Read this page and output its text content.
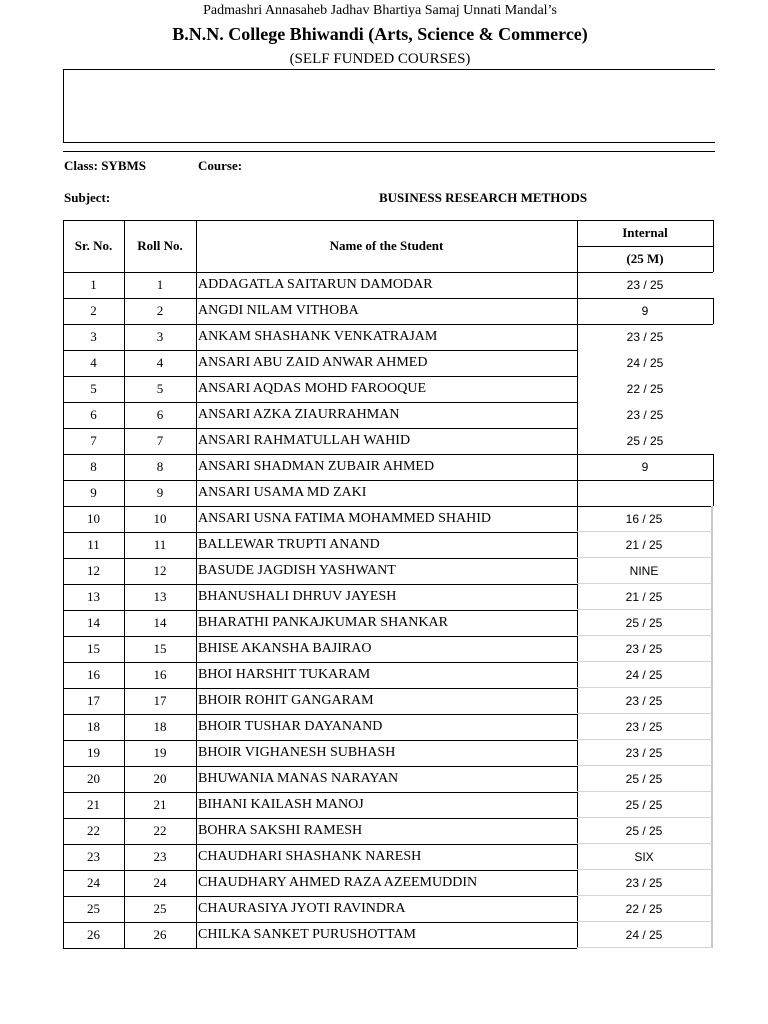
Padmashri Annasaheb Jadhav Bhartiya Samaj Unnati Mandal’s
B.N.N. College Bhiwandi (Arts, Science & Commerce)
(SELF FUNDED COURSES)
Class: SYBMS	Course:
Subject:	BUSINESS RESEARCH METHODS
Sr. No.	Roll No.	Name of the Student
Internal
(25 M)
1	1	ADDAGATLA SAITARUN DAMODAR	23 / 25
2	2	ANGDI NILAM VITHOBA	9
3	3	ANKAM SHASHANK VENKATRAJAM	23 / 25
4	4	ANSARI ABU ZAID ANWAR AHMED	24 / 25
5	5	ANSARI AQDAS MOHD FAROOQUE	22 / 25
6	6	ANSARI AZKA ZIAURRAHMAN	23 / 25
7	7	ANSARI RAHMATULLAH WAHID	25 / 25
8	8	ANSARI SHADMAN ZUBAIR AHMED	9
9	9	ANSARI USAMA MD ZAKI
10	10	ANSARI USNA FATIMA MOHAMMED SHAHID	16 / 25
11	11	BALLEWAR TRUPTI ANAND	21 / 25
12	12	BASUDE JAGDISH YASHWANT	NINE
13	13	BHANUSHALI DHRUV JAYESH	21 / 25
14	14	BHARATHI PANKAJKUMAR SHANKAR	25 / 25
15	15	BHISE AKANSHA BAJIRAO	23 / 25
16	16	BHOI HARSHIT TUKARAM	24 / 25
17	17	BHOIR ROHIT GANGARAM	23 / 25
18	18	BHOIR TUSHAR DAYANAND	23 / 25
19	19	BHOIR VIGHANESH SUBHASH	23 / 25
20	20	BHUWANIA MANAS NARAYAN	25 / 25
21	21	BIHANI KAILASH MANOJ	25 / 25
22	22	BOHRA SAKSHI RAMESH	25 / 25
23	23	CHAUDHARI SHASHANK NARESH	SIX
24	24	CHAUDHARY AHMED RAZA AZEEMUDDIN	23 / 25
25	25	CHAURASIYA JYOTI RAVINDRA	22 / 25
26	26	CHILKA SANKET PURUSHOTTAM	24 / 25
